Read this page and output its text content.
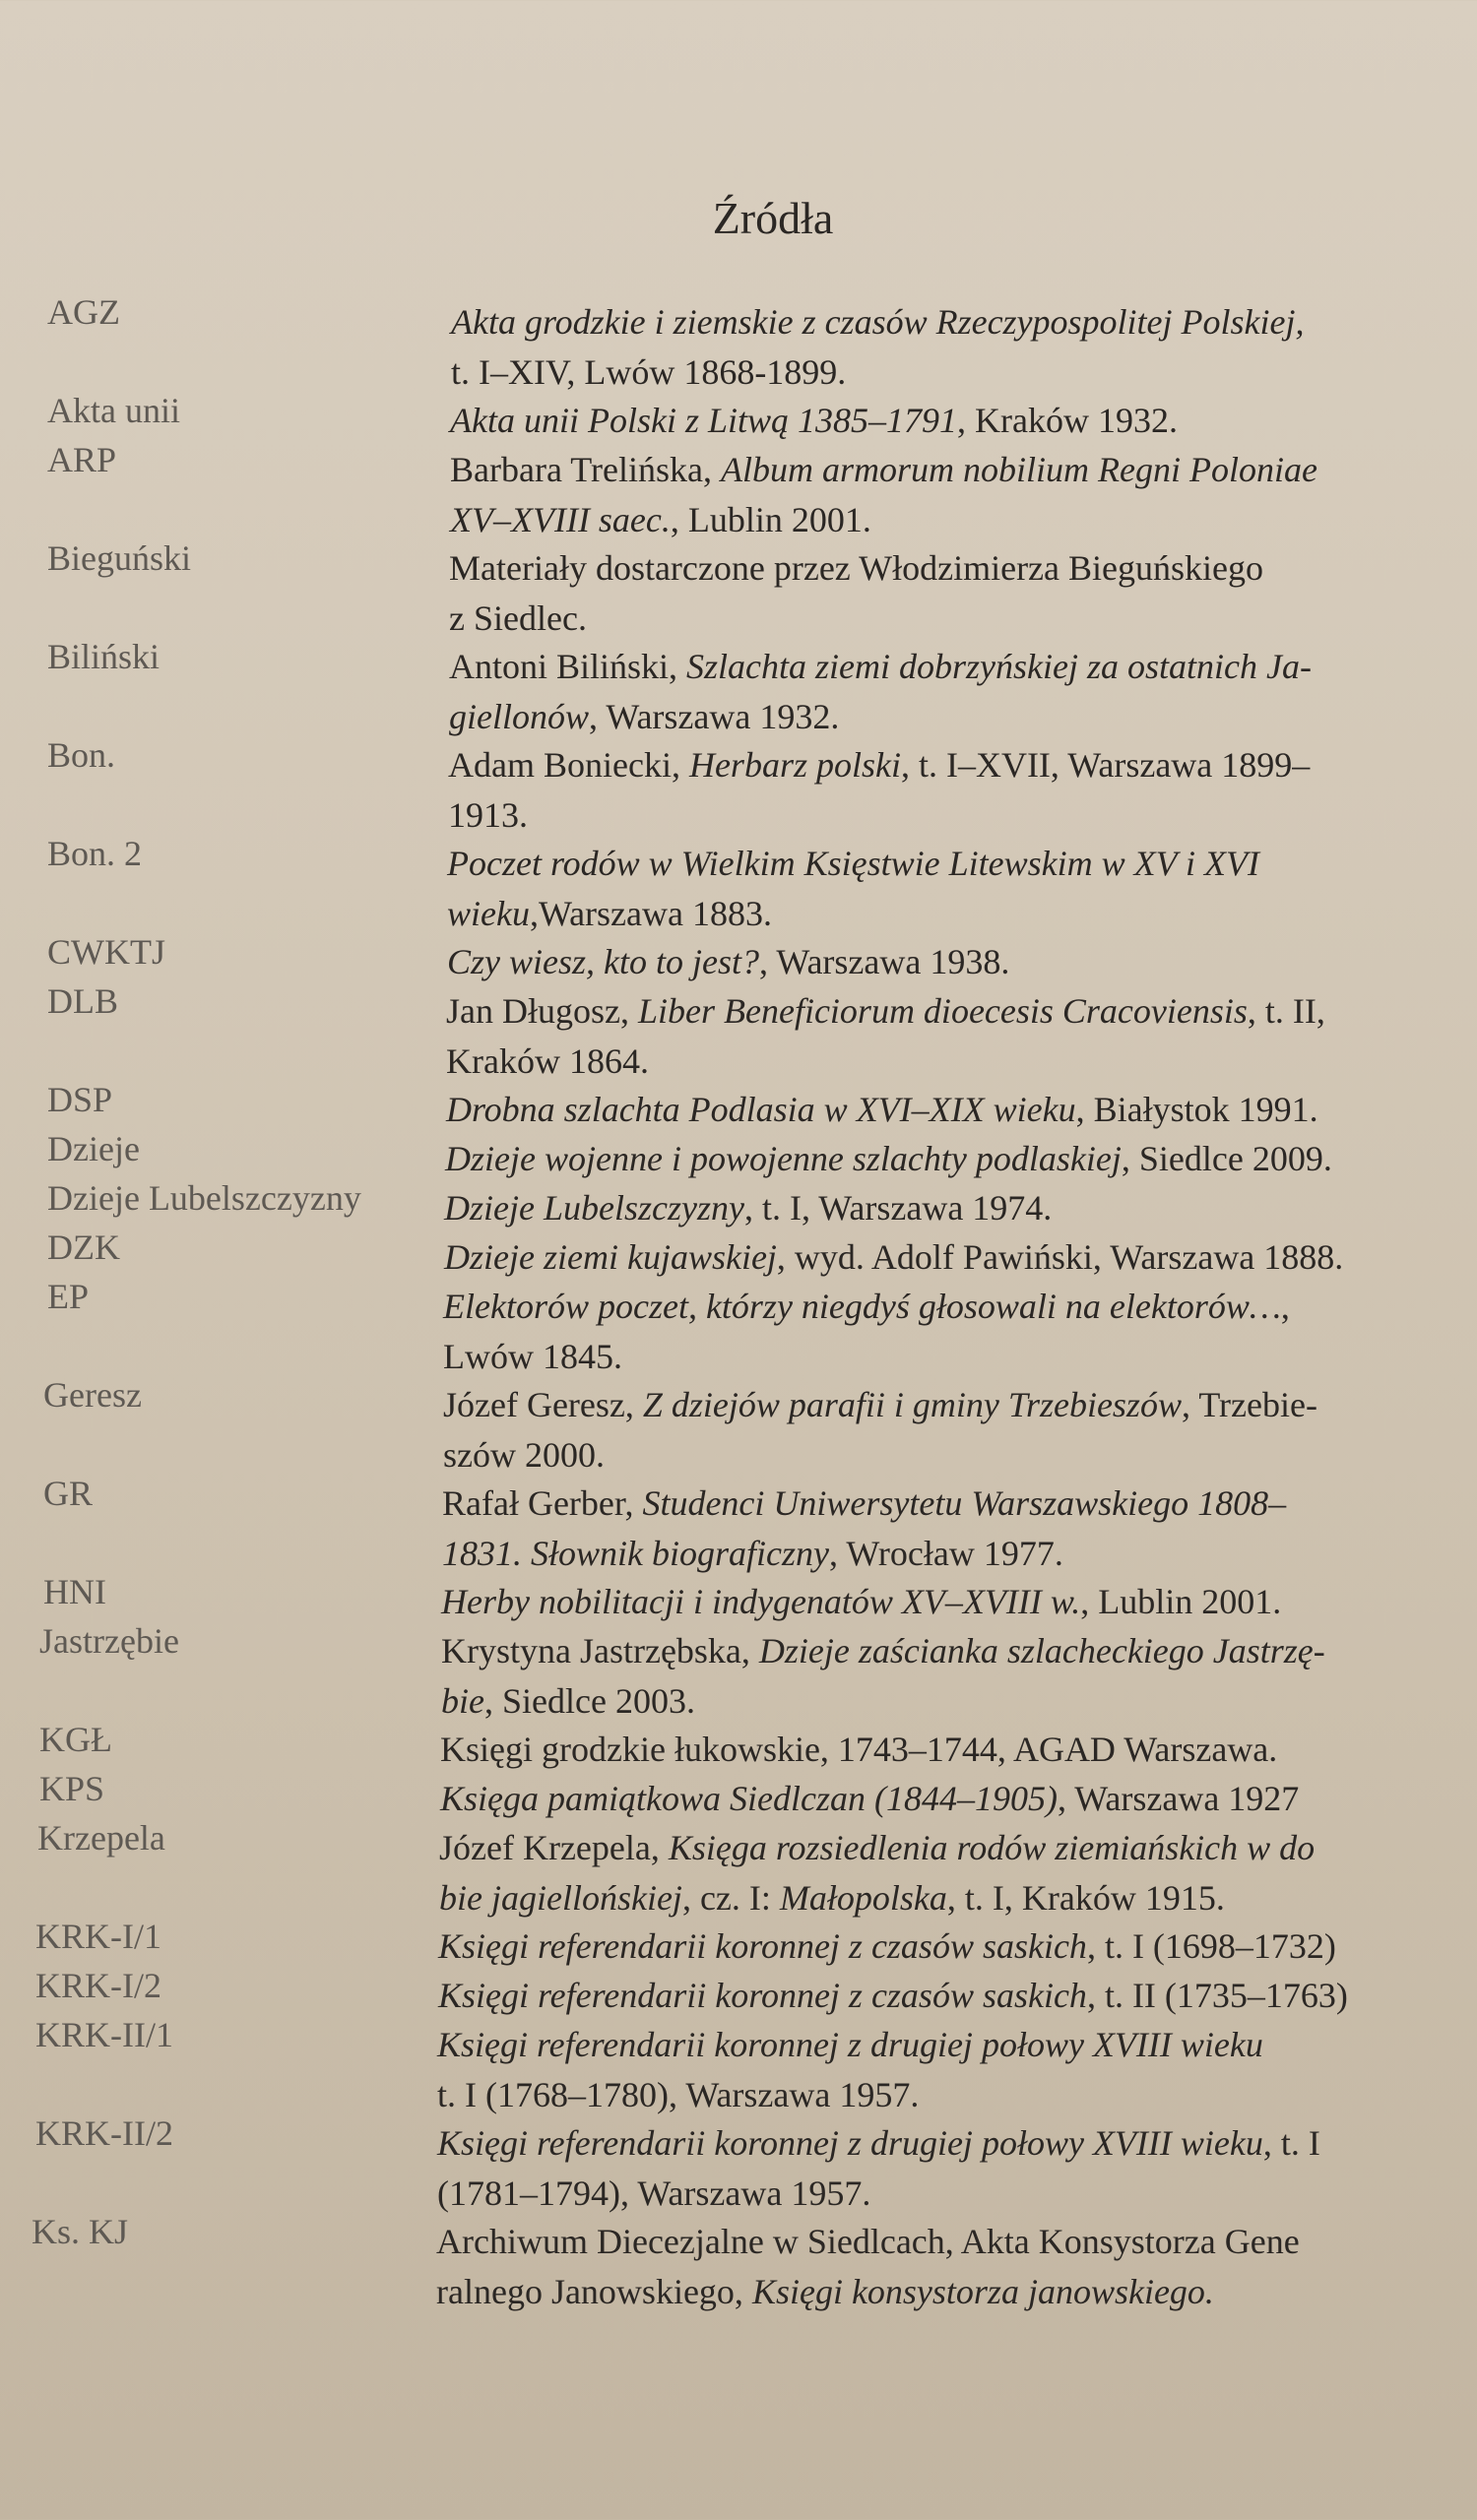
Źródła
AGZ	Akta grodzkie i ziemskie z czasów Rzeczypospolitej Polskiej,
t. I–XIV, Lwów 1868-1899.
Akta unii	Akta unii Polski z Litwą 1385–1791, Kraków 1932.
ARP	Barbara Trelińska, Album armorum nobilium Regni Poloniae
XV–XVIII saec., Lublin 2001.
Bieguński	Materiały dostarczone przez Włodzimierza Bieguńskiego
z Siedlec.
Biliński	Antoni Biliński, Szlachta ziemi dobrzyńskiej za ostatnich Ja-
giellonów, Warszawa 1932.
Bon.	Adam Boniecki, Herbarz polski, t. I–XVII, Warszawa 1899–
1913.
Bon. 2	Poczet rodów w Wielkim Księstwie Litewskim w XV i XVI
wieku,Warszawa 1883.
CWKTJ	Czy wiesz, kto to jest?, Warszawa 1938.
DLB	Jan Długosz, Liber Beneficiorum dioecesis Cracoviensis, t. II,
Kraków 1864.
DSP	Drobna szlachta Podlasia w XVI–XIX wieku, Białystok 1991.
Dzieje	Dzieje wojenne i powojenne szlachty podlaskiej, Siedlce 2009.
Dzieje Lubelszczyzny Dzieje Lubelszczyzny, t. I, Warszawa 1974.
DZK	Dzieje ziemi kujawskiej, wyd. Adolf Pawiński, Warszawa 1888.
EP	Elektorów poczet, którzy niegdyś głosowali na elektorów…,
Lwów 1845.
Geresz	Józef Geresz, Z dziejów parafii i gminy Trzebieszów, Trzebie-
szów 2000.
GR	Rafał Gerber, Studenci Uniwersytetu Warszawskiego 1808–
1831. Słownik biograficzny, Wrocław 1977.
HNI	Herby nobilitacji i indygenatów XV–XVIII w., Lublin 2001.
Jastrzębie	Krystyna Jastrzębska, Dzieje zaścianka szlacheckiego Jastrzę-
bie, Siedlce 2003.
KGŁ	Księgi grodzkie łukowskie, 1743–1744, AGAD Warszawa.
KPS	Księga pamiątkowa Siedlczan (1844–1905), Warszawa 1927
Krzepela	Józef Krzepela, Księga rozsiedlenia rodów ziemiańskich w do
bie jagiellońskiej, cz. I: Małopolska, t. I, Kraków 1915.
KRK-I/1	Księgi referendarii koronnej z czasów saskich, t. I (1698–1732)
KRK-I/2	Księgi referendarii koronnej z czasów saskich, t. II (1735–1763)
KRK-II/1	Księgi referendarii koronnej z drugiej połowy XVIII wieku
t. I (1768–1780), Warszawa 1957.
KRK-II/2	Księgi referendarii koronnej z drugiej połowy XVIII wieku, t. I
(1781–1794), Warszawa 1957.
Ks. KJ	Archiwum Diecezjalne w Siedlcach, Akta Konsystorza Gene
ralnego Janowskiego, Księgi konsystorza janowskiego.
